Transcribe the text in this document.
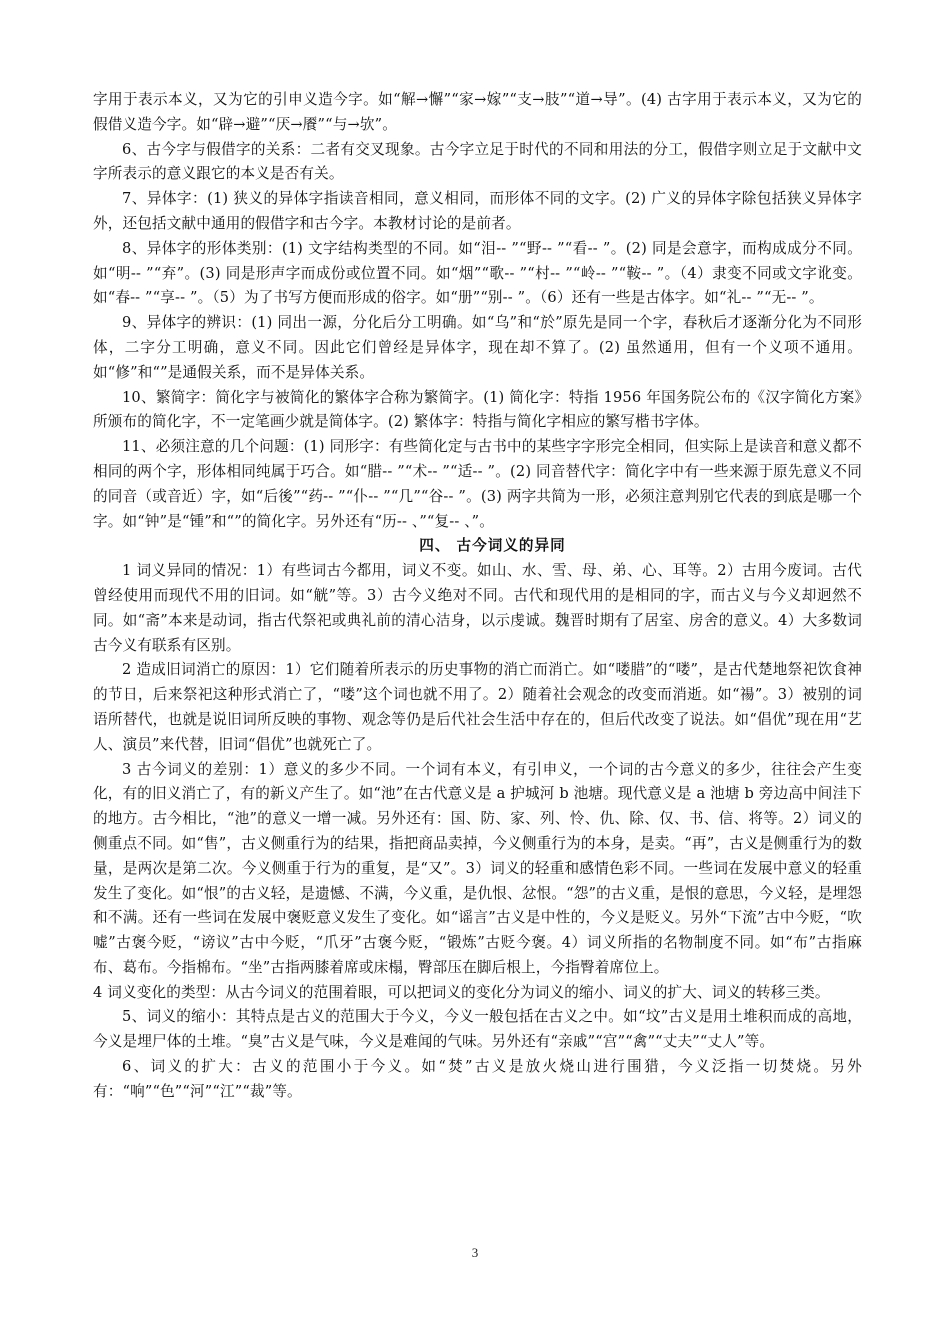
字用于表示本义，又为它的引申义造今字。如“解→懈”“家→嫁”“支→肢”“道→导”。(4) 古字用于表示本义，又为它的假借义造今字。如“辟→避”“厌→餍”“与→欤”。

6、古今字与假借字的关系：二者有交叉现象。古今字立足于时代的不同和用法的分工，假借字则立足于文献中文字所表示的意义跟它的本义是否有关。

7、异体字：(1) 狭义的异体字指读音相同，意义相同，而形体不同的文字。(2) 广义的异体字除包括狭义异体字外，还包括文献中通用的假借字和古今字。本教材讨论的是前者。

8、异体字的形体类别：(1) 文字结构类型的不同。如“泪-- ”“野-- ”“看-- ”。(2) 同是会意字，而构成成分不同。如“明-- ”“弃”。(3) 同是形声字而成份或位置不同。如“烟”“歌-- ”“村-- ”“岭-- ”“鞍-- ”。（4）隶变不同或文字讹变。如“春-- ”“享-- ”。（5）为了书写方便而形成的俗字。如“册”“别-- ”。（6）还有一些是古体字。如“礼-- ”“无-- ”。

9、异体字的辨识：(1) 同出一源，分化后分工明确。如“乌”和“於”原先是同一个字，春秋后才逐渐分化为不同形体，二字分工明确，意义不同。因此它们曾经是异体字，现在却不算了。(2) 虽然通用，但有一个义项不通用。如“修”和“”是通假关系，而不是异体关系。

10、繁简字：简化字与被简化的繁体字合称为繁简字。(1) 简化字：特指 1956 年国务院公布的《汉字简化方案》所颁布的简化字，不一定笔画少就是简体字。(2) 繁体字：特指与简化字相应的繁写楷书字体。

11、必须注意的几个问题：(1) 同形字：有些简化定与古书中的某些字字形完全相同，但实际上是读音和意义都不相同的两个字，形体相同纯属于巧合。如“腊-- ”“术-- ”“适-- ”。(2) 同音替代字：简化字中有一些来源于原先意义不同的同音（或音近）字，如“后後”“药-- ”“仆-- ”“几”“谷-- ”。(3) 两字共简为一形，必须注意判别它代表的到底是哪一个字。如“钟”是“锺”和“”的简化字。另外还有“历-- 、”“复-- 、”。

四、 古今词义的异同

1 词义异同的情况：1）有些词古今都用，词义不变。如山、水、雪、母、弟、心、耳等。2）古用今废词。古代曾经使用而现代不用的旧词。如“觥”等。3）古今义绝对不同。古代和现代用的是相同的字，而古义与今义却迥然不同。如“斋”本来是动词，指古代祭祀或典礼前的清心洁身，以示虔诚。魏晋时期有了居室、房舍的意义。4）大多数词古今义有联系有区别。

2 造成旧词消亡的原因：1）它们随着所表示的历史事物的消亡而消亡。如“喽腊”的“喽”，是古代楚地祭祀饮食神的节日，后来祭祀这种形式消亡了，“喽”这个词也就不用了。2）随着社会观念的改变而消逝。如“禓”。3）被别的词语所替代，也就是说旧词所反映的事物、观念等仍是后代社会生活中存在的，但后代改变了说法。如“倡优”现在用“艺人、演员”来代替，旧词“倡优”也就死亡了。

3 古今词义的差别：1）意义的多少不同。一个词有本义，有引申义，一个词的古今意义的多少，往往会产生变化，有的旧义消亡了，有的新义产生了。如“池”在古代意义是 a 护城河 b 池塘。现代意义是 a 池塘 b 旁边高中间洼下的地方。古今相比，“池”的意义一增一减。另外还有：国、防、家、列、怜、仇、除、仅、书、信、将等。2）词义的侧重点不同。如“售”，古义侧重行为的结果，指把商品卖掉，今义侧重行为的本身，是卖。“再”，古义是侧重行为的数量，是两次是第二次。今义侧重于行为的重复，是“又”。3）词义的轻重和感情色彩不同。一些词在发展中意义的轻重发生了变化。如“恨”的古义轻，是遗憾、不满，今义重，是仇恨、忿恨。“怨”的古义重，是恨的意思，今义轻，是埋怨和不满。还有一些词在发展中褒贬意义发生了变化。如“谣言”古义是中性的，今义是贬义。另外“下流”古中今贬，“吹嘘”古褒今贬，“谤议”古中今贬，“爪牙”古褒今贬，“锻炼”古贬今褒。4）词义所指的名物制度不同。如“布”古指麻布、葛布。今指棉布。“坐”古指两膝着席或床榻，臀部压在脚后根上，今指臀着席位上。

4 词义变化的类型：从古今词义的范围着眼，可以把词义的变化分为词义的缩小、词义的扩大、词义的转移三类。

5、词义的缩小：其特点是古义的范围大于今义，今义一般包括在古义之中。如“坟”古义是用土堆积而成的高地，今义是埋尸体的土堆。“臭”古义是气味，今义是难闻的气味。另外还有“亲戚”“宫”“禽”“丈夫”“丈人”等。

6、词义的扩大：古义的范围小于今义。如“焚”古义是放火烧山进行围猎，今义泛指一切焚烧。另外有：“响”“色”“河”“江”“裁”等。

3
